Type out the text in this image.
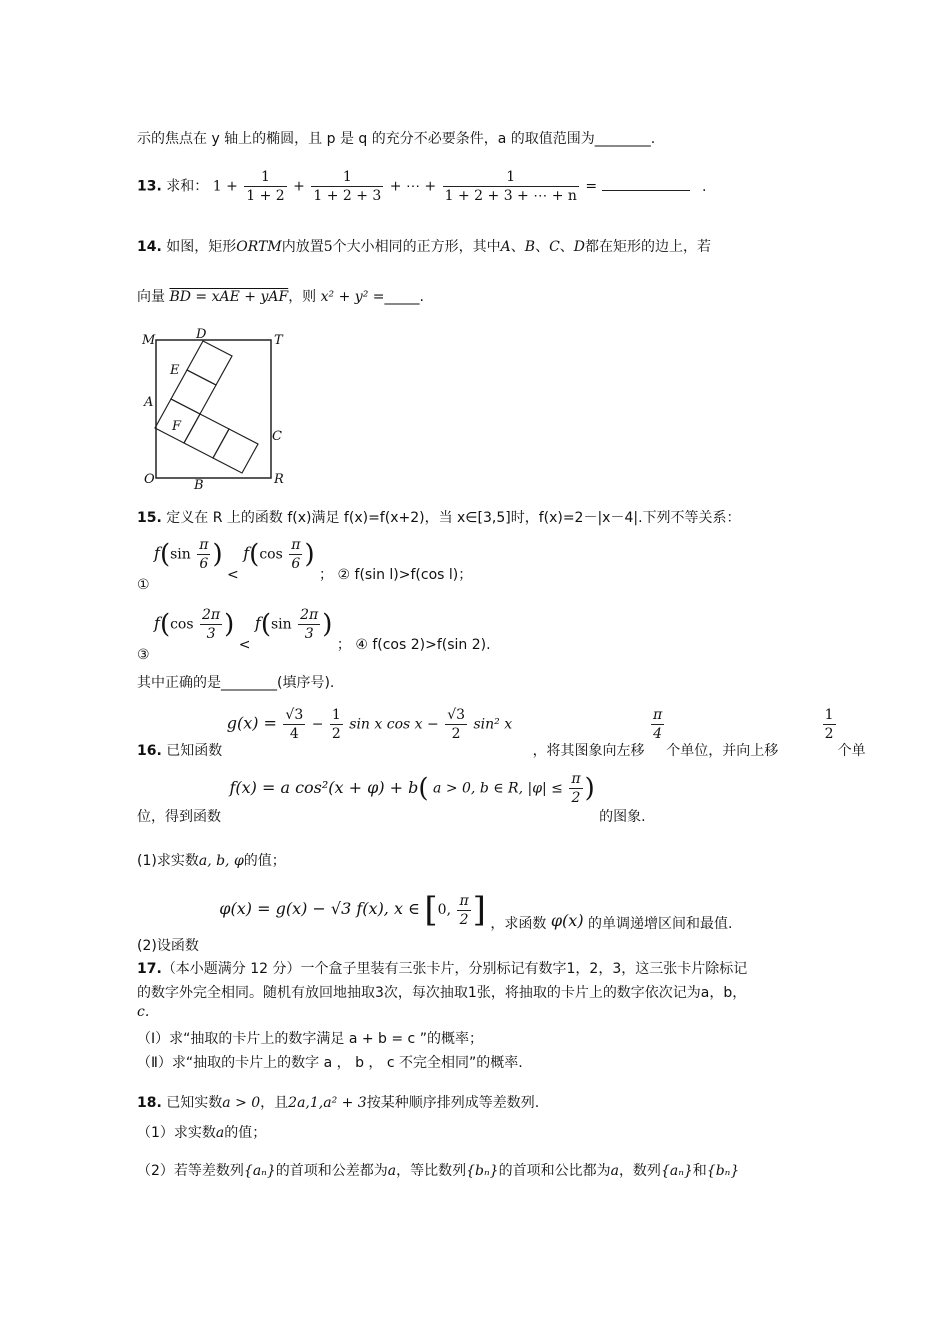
示的焦点在 y 轴上的椭圆，且 p 是 q 的充分不必要条件，a 的取值范围为________.
13. 求和： $1 + \frac{1}{1 + 2} + \frac{1}{1 + 2 + 3}$ + ⋯ + $\frac{1}{1 + 2 + 3 + \cdots + n}$ =	.
14. 如图，矩形ORTM内放置5个大小相同的正方形，其中A、B、C、D都在矩形的边上，若
向量 BD = xAE + yAF，则 x² + y² =_____.
M	T
D
E
A
F
C
O	B	R
15. 定义在 R 上的函数 f(x)满足 f(x)=f(x+2)，当 x∈[3,5]时，f(x)=2－|x－4|.下列不等关系：
① $f(\sin \frac{\pi}{6}$ ) < $f(\cos \frac{\pi}{6}$ ) ； ② f(sin l)>f(cos l)；
③ $f(\cos \frac{2\pi}{3}$ ) < $f(\sin \frac{2\pi}{3}$ ) ； ④ f(cos 2)>f(sin 2).
其中正确的是________(填序号).
16. 已知函数 $g(x) = \frac{√3}{4} - \frac{1}{2}$ sin x $\cos x - \frac{√3}{2} \sin^2$ x ，将其图象向左移
$\frac{\pi}{4}$
个单位，并向上移
$\frac{1}{2}$
个单
位，得到函数 f(x) = a cos²(x + φ) + b( a > 0, b ∈ R, $|\varphi| \le \frac{\pi}{2}$ ) 的图象.
(1)求实数a, b, φ的值；
(2)设函数 φ(x) = g(x) − √3 f(x), x ∈ [0, $\frac{\pi}{2}$ ] ，求函数 φ(x) 的单调递增区间和最值.
17.（本小题满分 12 分）一个盒子里装有三张卡片，分别标记有数字1，2，3，这三张卡片除标记
的数字外完全相同。随机有放回地抽取3次，每次抽取1张，将抽取的卡片上的数字依次记为a，b，
c.
（Ⅰ）求“抽取的卡片上的数字满足 a + b = c ”的概率；
（Ⅱ）求“抽取的卡片上的数字 a ， b ， c 不完全相同”的概率.
18. 已知实数a > 0，且2a,1,a² + 3按某种顺序排列成等差数列.
（1）求实数a的值；
（2）若等差数列{aₙ}的首项和公差都为a，等比数列{bₙ}的首项和公比都为a，数列{aₙ}和{bₙ}
